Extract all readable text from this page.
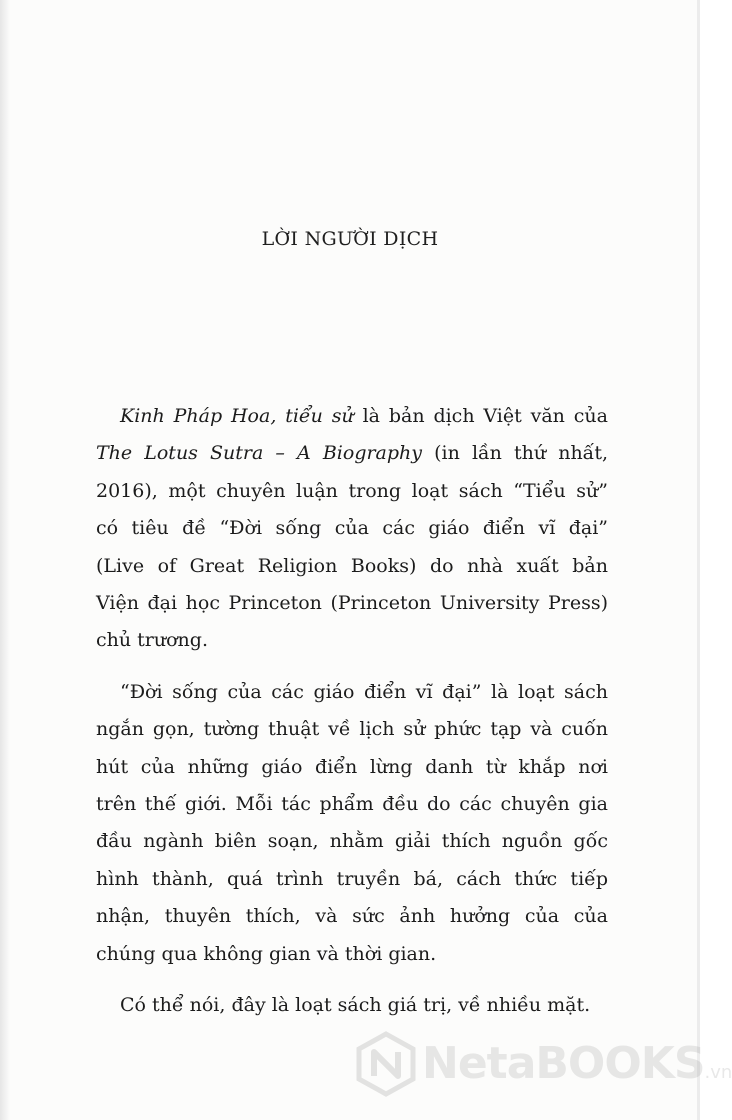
LỜI NGƯỜI DỊCH

Kinh Pháp Hoa, tiểu sử là bản dịch Việt văn của
The Lotus Sutra – A Biography (in lần thứ nhất,
2016), một chuyên luận trong loạt sách “Tiểu sử”
có tiêu đề “Đời sống của các giáo điển vĩ đại”
(Live of Great Religion Books) do nhà xuất bản
Viện đại học Princeton (Princeton University Press)
chủ trương.

“Đời sống của các giáo điển vĩ đại” là loạt sách
ngắn gọn, tường thuật về lịch sử phức tạp và cuốn
hút của những giáo điển lừng danh từ khắp nơi
trên thế giới. Mỗi tác phẩm đều do các chuyên gia
đầu ngành biên soạn, nhằm giải thích nguồn gốc
hình thành, quá trình truyền bá, cách thức tiếp
nhận, thuyên thích, và sức ảnh hưởng của của
chúng qua không gian và thời gian.

Có thể nói, đây là loạt sách giá trị, về nhiều mặt.

NetaBOOKS.vn
